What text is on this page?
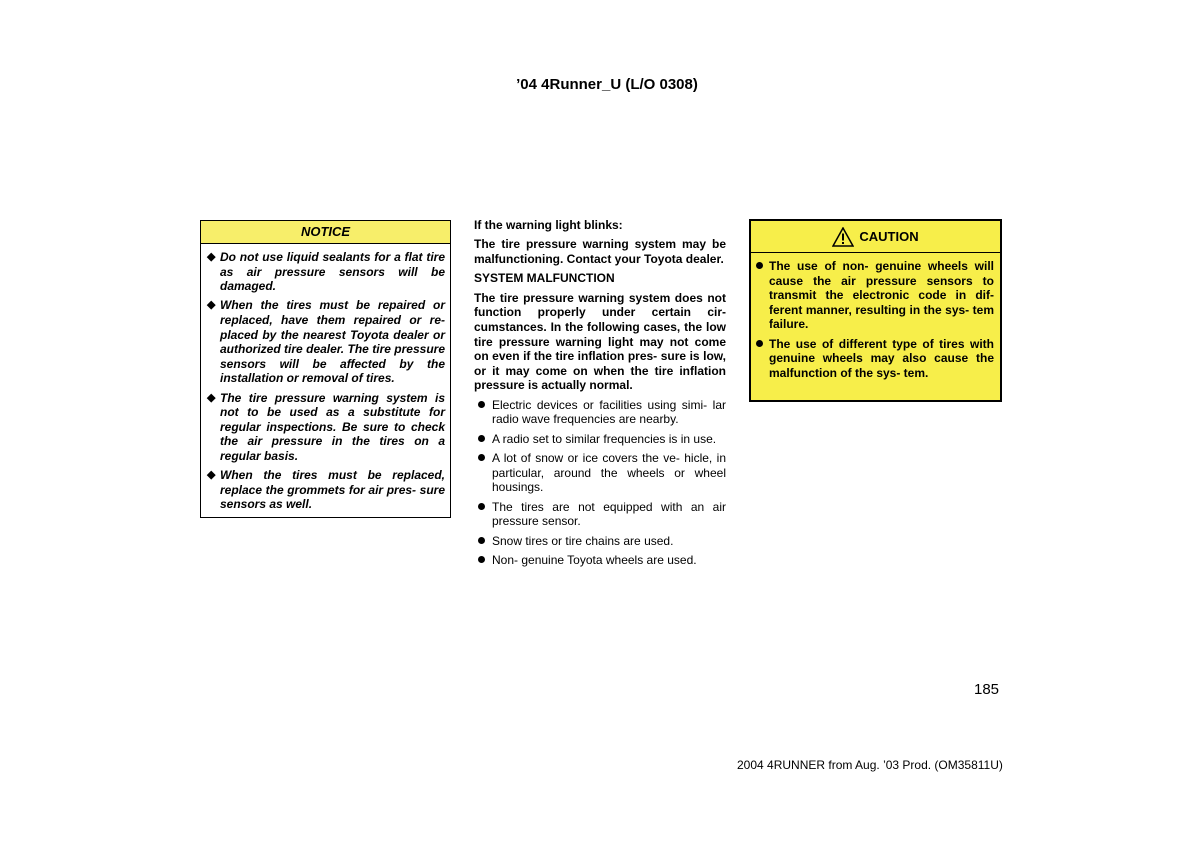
’04 4Runner_U (L/O 0308)
NOTICE
◆ Do not use liquid sealants for a flat tire as air pressure sensors will be damaged.
◆ When the tires must be repaired or replaced, have them repaired or re- placed by the nearest Toyota dealer or authorized tire dealer. The tire pressure sensors will be affected by the installation or removal of tires.
◆ The tire pressure warning system is not to be used as a substitute for regular inspections. Be sure to check the air pressure in the tires on a regular basis.
◆ When the tires must be replaced, replace the grommets for air pres- sure sensors as well.

If the warning light blinks:

The tire pressure warning system may be malfunctioning. Contact your Toyota dealer.

SYSTEM MALFUNCTION

The tire pressure warning system does not function properly under certain cir- cumstances. In the following cases, the low tire pressure warning light may not come on even if the tire inflation pres- sure is low, or it may come on when the tire inflation pressure is actually normal.

Electric devices or facilities using simi- lar radio wave frequencies are nearby.
A radio set to similar frequencies is in use.
A lot of snow or ice covers the ve- hicle, in particular, around the wheels or wheel housings.
The tires are not equipped with an air pressure sensor.
Snow tires or tire chains are used.
Non- genuine Toyota wheels are used.
CAUTION
The use of non- genuine wheels will cause the air pressure sensors to transmit the electronic code in dif- ferent manner, resulting in the sys- tem failure.
The use of different type of tires with genuine wheels may also cause the malfunction of the sys- tem.
185
2004 4RUNNER from Aug. ’03 Prod. (OM35811U)
